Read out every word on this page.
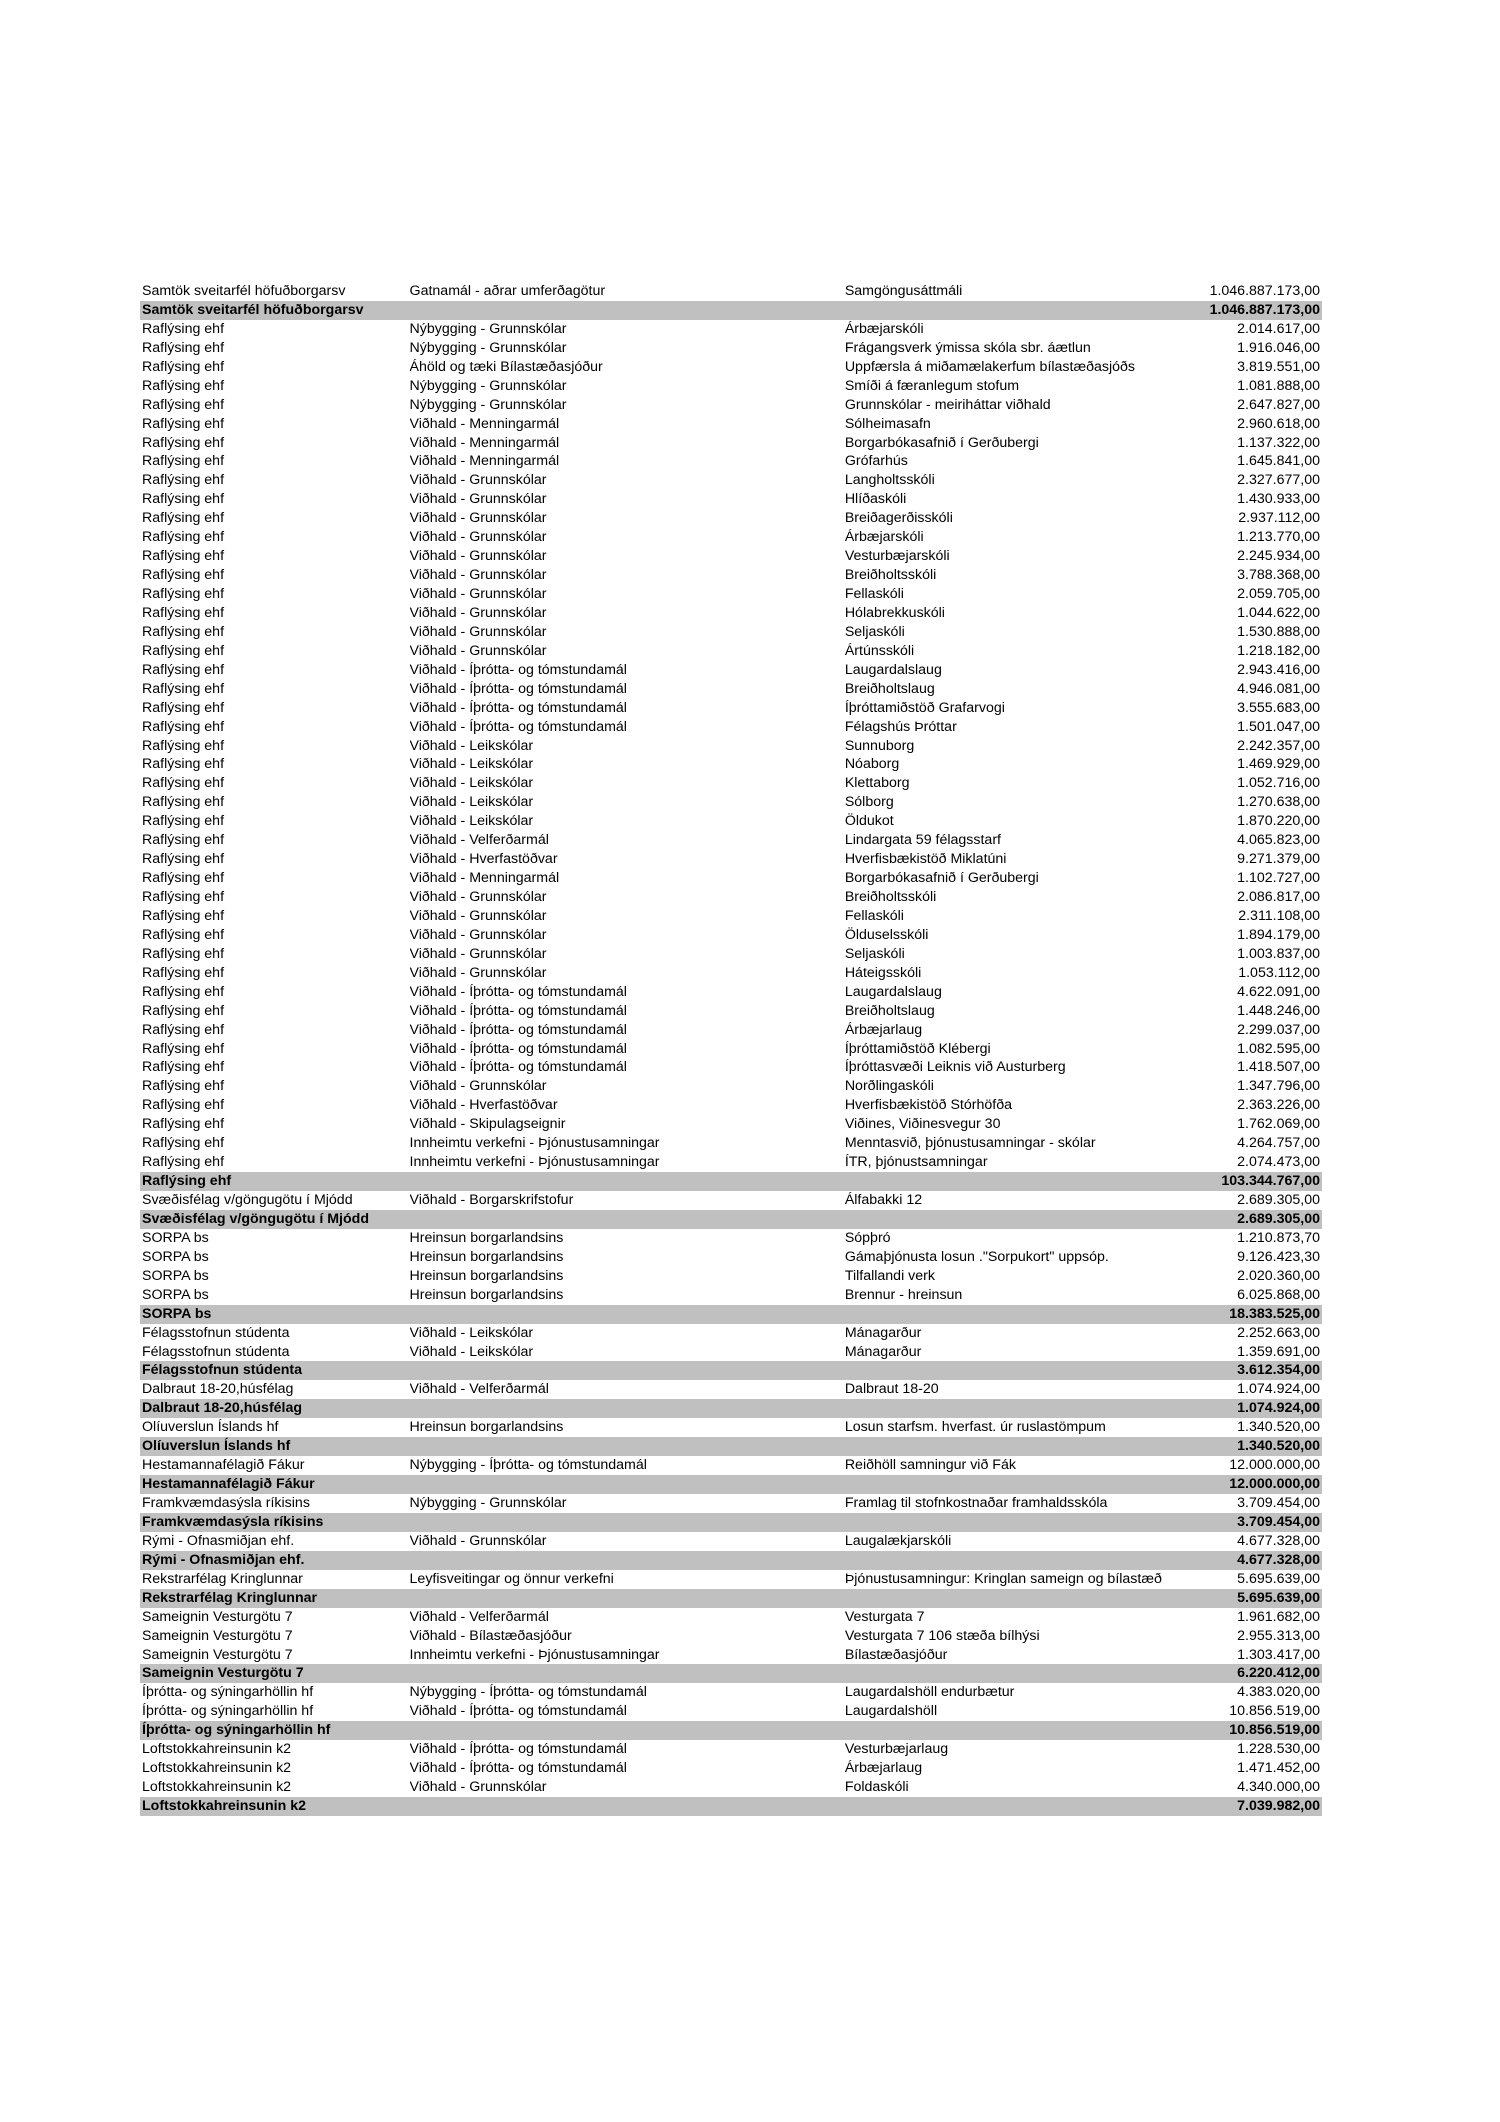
Samtök sveitarfél höfuðborgarsv	Gatnamál - aðrar umferðagötur	Samgöngusáttmáli	1.046.887.173,00
Samtök sveitarfél höfuðborgarsv	1.046.887.173,00
Raflýsing ehf	Nýbygging - Grunnskólar	Árbæjarskóli	2.014.617,00
Raflýsing ehf	Nýbygging - Grunnskólar	Frágangsverk ýmissa skóla sbr. áætlun	1.916.046,00
Raflýsing ehf	Áhöld og tæki Bílastæðasjóður	Uppfærsla á miðamælakerfum bílastæðasjóðs	3.819.551,00
Raflýsing ehf	Nýbygging - Grunnskólar	Smíði á færanlegum stofum	1.081.888,00
Raflýsing ehf	Nýbygging - Grunnskólar	Grunnskólar - meiriháttar viðhald	2.647.827,00
Raflýsing ehf	Viðhald - Menningarmál	Sólheimasafn	2.960.618,00
Raflýsing ehf	Viðhald - Menningarmál	Borgarbókasafnið í Gerðubergi	1.137.322,00
Raflýsing ehf	Viðhald - Menningarmál	Grófarhús	1.645.841,00
Raflýsing ehf	Viðhald - Grunnskólar	Langholtsskóli	2.327.677,00
Raflýsing ehf	Viðhald - Grunnskólar	Hlíðaskóli	1.430.933,00
Raflýsing ehf	Viðhald - Grunnskólar	Breiðagerðisskóli	2.937.112,00
Raflýsing ehf	Viðhald - Grunnskólar	Árbæjarskóli	1.213.770,00
Raflýsing ehf	Viðhald - Grunnskólar	Vesturbæjarskóli	2.245.934,00
Raflýsing ehf	Viðhald - Grunnskólar	Breiðholtsskóli	3.788.368,00
Raflýsing ehf	Viðhald - Grunnskólar	Fellaskóli	2.059.705,00
Raflýsing ehf	Viðhald - Grunnskólar	Hólabrekkuskóli	1.044.622,00
Raflýsing ehf	Viðhald - Grunnskólar	Seljaskóli	1.530.888,00
Raflýsing ehf	Viðhald - Grunnskólar	Ártúnsskóli	1.218.182,00
Raflýsing ehf	Viðhald - Íþrótta- og tómstundamál	Laugardalslaug	2.943.416,00
Raflýsing ehf	Viðhald - Íþrótta- og tómstundamál	Breiðholtslaug	4.946.081,00
Raflýsing ehf	Viðhald - Íþrótta- og tómstundamál	Íþróttamiðstöð Grafarvogi	3.555.683,00
Raflýsing ehf	Viðhald - Íþrótta- og tómstundamál	Félagshús Þróttar	1.501.047,00
Raflýsing ehf	Viðhald - Leikskólar	Sunnuborg	2.242.357,00
Raflýsing ehf	Viðhald - Leikskólar	Nóaborg	1.469.929,00
Raflýsing ehf	Viðhald - Leikskólar	Klettaborg	1.052.716,00
Raflýsing ehf	Viðhald - Leikskólar	Sólborg	1.270.638,00
Raflýsing ehf	Viðhald - Leikskólar	Öldukot	1.870.220,00
Raflýsing ehf	Viðhald - Velferðarmál	Lindargata 59 félagsstarf	4.065.823,00
Raflýsing ehf	Viðhald - Hverfastöðvar	Hverfisbækistöð Miklatúni	9.271.379,00
Raflýsing ehf	Viðhald - Menningarmál	Borgarbókasafnið í Gerðubergi	1.102.727,00
Raflýsing ehf	Viðhald - Grunnskólar	Breiðholtsskóli	2.086.817,00
Raflýsing ehf	Viðhald - Grunnskólar	Fellaskóli	2.311.108,00
Raflýsing ehf	Viðhald - Grunnskólar	Ölduselsskóli	1.894.179,00
Raflýsing ehf	Viðhald - Grunnskólar	Seljaskóli	1.003.837,00
Raflýsing ehf	Viðhald - Grunnskólar	Háteigsskóli	1.053.112,00
Raflýsing ehf	Viðhald - Íþrótta- og tómstundamál	Laugardalslaug	4.622.091,00
Raflýsing ehf	Viðhald - Íþrótta- og tómstundamál	Breiðholtslaug	1.448.246,00
Raflýsing ehf	Viðhald - Íþrótta- og tómstundamál	Árbæjarlaug	2.299.037,00
Raflýsing ehf	Viðhald - Íþrótta- og tómstundamál	Íþróttamiðstöð Klébergi	1.082.595,00
Raflýsing ehf	Viðhald - Íþrótta- og tómstundamál	Íþróttasvæði Leiknis við Austurberg	1.418.507,00
Raflýsing ehf	Viðhald - Grunnskólar	Norðlingaskóli	1.347.796,00
Raflýsing ehf	Viðhald - Hverfastöðvar	Hverfisbækistöð Stórhöfða	2.363.226,00
Raflýsing ehf	Viðhald - Skipulagseignir	Viðines, Viðinesvegur 30	1.762.069,00
Raflýsing ehf	Innheimtu verkefni - Þjónustusamningar	Menntasvið, þjónustusamningar - skólar	4.264.757,00
Raflýsing ehf	Innheimtu verkefni - Þjónustusamningar	ÍTR, þjónustsamningar	2.074.473,00
Raflýsing ehf	103.344.767,00
Svæðisfélag v/göngugötu í Mjódd	Viðhald - Borgarskrifstofur	Álfabakki 12	2.689.305,00
Svæðisfélag v/göngugötu í Mjódd	2.689.305,00
SORPA bs	Hreinsun borgarlandsins	Sópþró	1.210.873,70
SORPA bs	Hreinsun borgarlandsins	Gámaþjónusta losun ."Sorpukort" uppsóp.	9.126.423,30
SORPA bs	Hreinsun borgarlandsins	Tilfallandi verk	2.020.360,00
SORPA bs	Hreinsun borgarlandsins	Brennur - hreinsun	6.025.868,00
SORPA bs	18.383.525,00
Félagsstofnun stúdenta	Viðhald - Leikskólar	Mánagarður	2.252.663,00
Félagsstofnun stúdenta	Viðhald - Leikskólar	Mánagarður	1.359.691,00
Félagsstofnun stúdenta	3.612.354,00
Dalbraut 18-20,húsfélag	Viðhald - Velferðarmál	Dalbraut 18-20	1.074.924,00
Dalbraut 18-20,húsfélag	1.074.924,00
Olíuverslun Íslands hf	Hreinsun borgarlandsins	Losun starfsm. hverfast. úr ruslastömpum	1.340.520,00
Olíuverslun Íslands hf	1.340.520,00
Hestamannafélagið Fákur	Nýbygging - Íþrótta- og tómstundamál	Reiðhöll samningur við Fák	12.000.000,00
Hestamannafélagið Fákur	12.000.000,00
Framkvæmdasýsla ríkisins	Nýbygging - Grunnskólar	Framlag til stofnkostnaðar framhaldsskóla	3.709.454,00
Framkvæmdasýsla ríkisins	3.709.454,00
Rými - Ofnasmiðjan ehf.	Viðhald - Grunnskólar	Laugalækjarskóli	4.677.328,00
Rými - Ofnasmiðjan ehf.	4.677.328,00
Rekstrarfélag Kringlunnar	Leyfisveitingar og önnur verkefni	Þjónustusamningur: Kringlan sameign og bílastæð	5.695.639,00
Rekstrarfélag Kringlunnar	5.695.639,00
Sameignin Vesturgötu 7	Viðhald - Velferðarmál	Vesturgata 7	1.961.682,00
Sameignin Vesturgötu 7	Viðhald - Bílastæðasjóður	Vesturgata 7 106 stæða bílhýsi	2.955.313,00
Sameignin Vesturgötu 7	Innheimtu verkefni - Þjónustusamningar	Bílastæðasjóður	1.303.417,00
Sameignin Vesturgötu 7	6.220.412,00
Íþrótta- og sýningarhöllin hf	Nýbygging - Íþrótta- og tómstundamál	Laugardalshöll endurbætur	4.383.020,00
Íþrótta- og sýningarhöllin hf	Viðhald - Íþrótta- og tómstundamál	Laugardalshöll	10.856.519,00
Íþrótta- og sýningarhöllin hf	10.856.519,00
Loftstokkahreinsunin k2	Viðhald - Íþrótta- og tómstundamál	Vesturbæjarlaug	1.228.530,00
Loftstokkahreinsunin k2	Viðhald - Íþrótta- og tómstundamál	Árbæjarlaug	1.471.452,00
Loftstokkahreinsunin k2	Viðhald - Grunnskólar	Foldaskóli	4.340.000,00
Loftstokkahreinsunin k2	7.039.982,00
